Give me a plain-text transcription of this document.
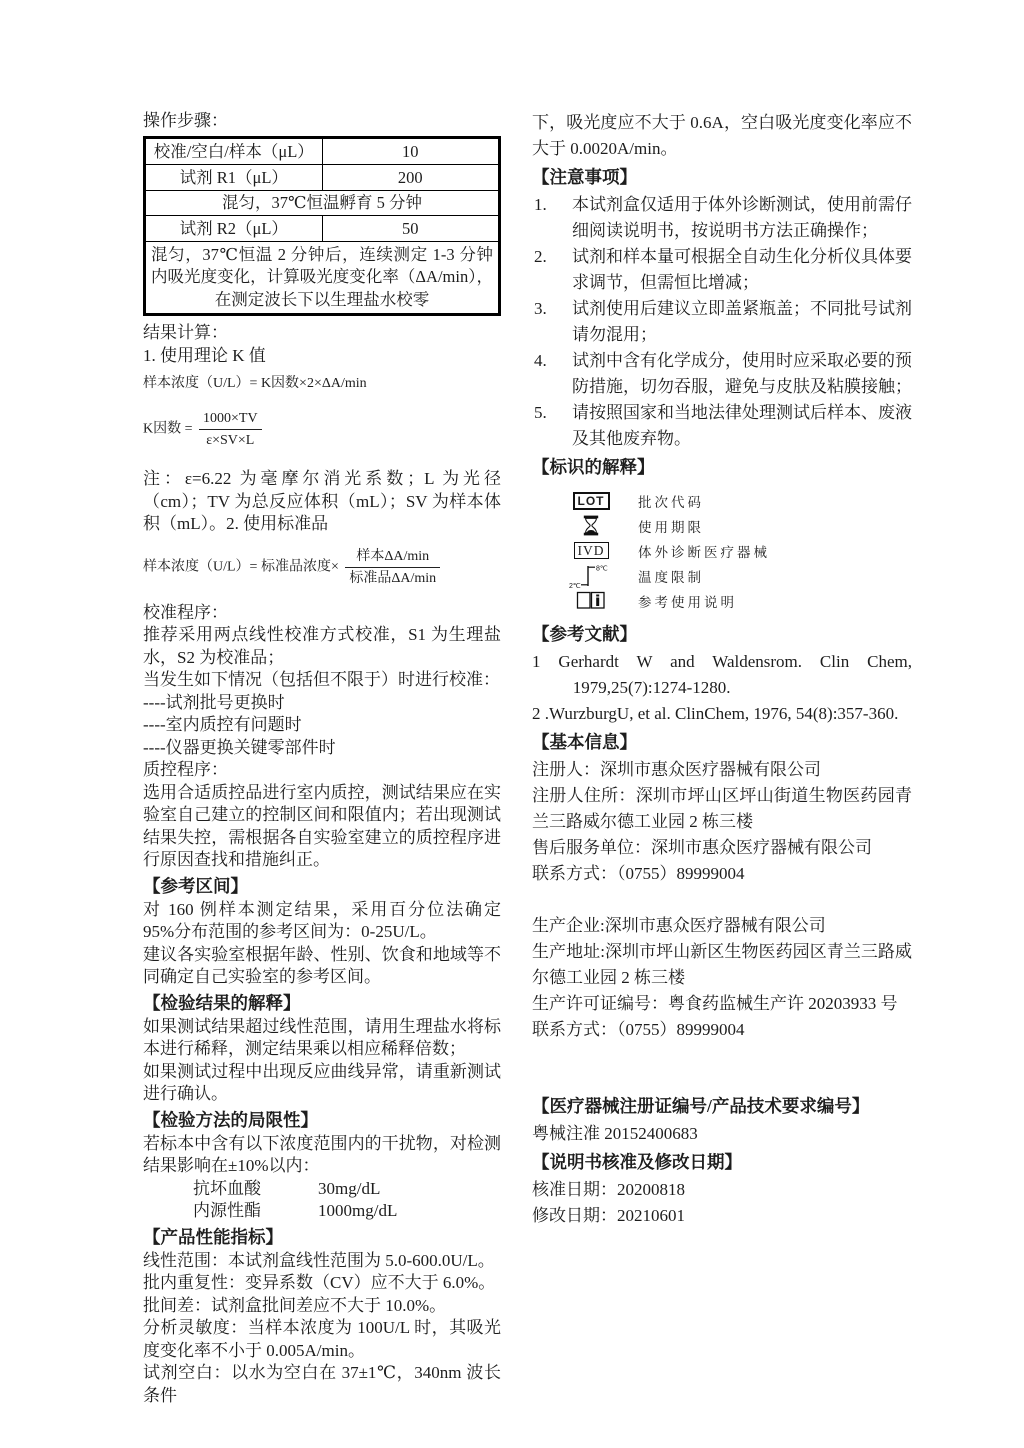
操作步骤：

校准/空白/样本（μL）	10
试剂 R1（μL）	200
混匀，37℃恒温孵育 5 分钟	
试剂 R2（μL）	50
混匀，37℃恒温 2 分钟后，连续测定 1-3 分钟内吸光度变化，计算吸光度变化率（ΔA/min），在测定波长下以生理盐水校零	

结果计算：

1. 使用理论 K 值

样本浓度（U/L）= K因数×2×ΔA/min

K因数 = $\frac{1000\times TV}{\varepsilon\times SV\times L}$

注：ε=6.22 为毫摩尔消光系数；L 为光径（cm）；TV 为总反应体积（mL）；SV 为样本体积（mL）。2. 使用标准品

样本浓度（U/L）= 标准品浓度× $\frac{\text{样本ΔA/min}}{\text{标准品ΔA/min}}$

校准程序：

推荐采用两点线性校准方式校准，S1 为生理盐水，S2 为校准品；

当发生如下情况（包括但不限于）时进行校准：

----试剂批号更换时

----室内质控有问题时

----仪器更换关键零部件时

质控程序：

选用合适质控品进行室内质控，测试结果应在实验室自己建立的控制区间和限值内；若出现测试结果失控，需根据各自实验室建立的质控程序进行原因查找和措施纠正。

【参考区间】

对 160 例样本测定结果，采用百分位法确定 95%分布范围的参考区间为：0-25U/L。

建议各实验室根据年龄、性别、饮食和地域等不同确定自己实验室的参考区间。

【检验结果的解释】

如果测试结果超过线性范围，请用生理盐水将标本进行稀释，测定结果乘以相应稀释倍数；

如果测试过程中出现反应曲线异常，请重新测试进行确认。

【检验方法的局限性】

若标本中含有以下浓度范围内的干扰物，对检测结果影响在±10%以内：

抗坏血酸	30mg/dL
内源性酯	1000mg/dL
【产品性能指标】

线性范围：本试剂盒线性范围为 5.0-600.0U/L。

批内重复性：变异系数（CV）应不大于 6.0%。

批间差：试剂盒批间差应不大于 10.0%。

分析灵敏度：当样本浓度为 100U/L 时，其吸光度变化率不小于 0.005A/min。

试剂空白：以水为空白在 37±1℃，340nm 波长条件

下，吸光度应不大于 0.6A，空白吸光度变化率应不大于 0.0020A/min。

【注意事项】
1.	本试剂盒仅适用于体外诊断测试，使用前需仔细阅读说明书，按说明书方法正确操作；
2.	试剂和样本量可根据全自动生化分析仪具体要求调节，但需恒比增减；
3.	试剂使用后建议立即盖紧瓶盖；不同批号试剂请勿混用；
4.	试剂中含有化学成分，使用时应采取必要的预防措施，切勿吞服，避免与皮肤及粘膜接触；
5.	请按照国家和当地法律处理测试后样本、废液及其他废弃物。
【标识的解释】
LOT	批次代码
使用期限
IVD 体外诊断医疗器械
8℃
2℃
温度限制
参考使用说明
【参考文献】

1 Gerhardt W and Waldensrom. Clin Chem, 1979,25(7):1274-1280.

2 .WurzburgU, et al. ClinChem, 1976, 54(8):357-360.

【基本信息】

注册人：深圳市惠众医疗器械有限公司

注册人住所：深圳市坪山区坪山街道生物医药园青兰三路威尔德工业园 2 栋三楼

售后服务单位：深圳市惠众医疗器械有限公司

联系方式：（0755）89999004

生产企业:深圳市惠众医疗器械有限公司

生产地址:深圳市坪山新区生物医药园区青兰三路威尔德工业园 2 栋三楼

生产许可证编号：粤食药监械生产许 20203933 号

联系方式：（0755）89999004

【医疗器械注册证编号/产品技术要求编号】

粤械注准 20152400683

【说明书核准及修改日期】

核准日期：20200818

修改日期：20210601
